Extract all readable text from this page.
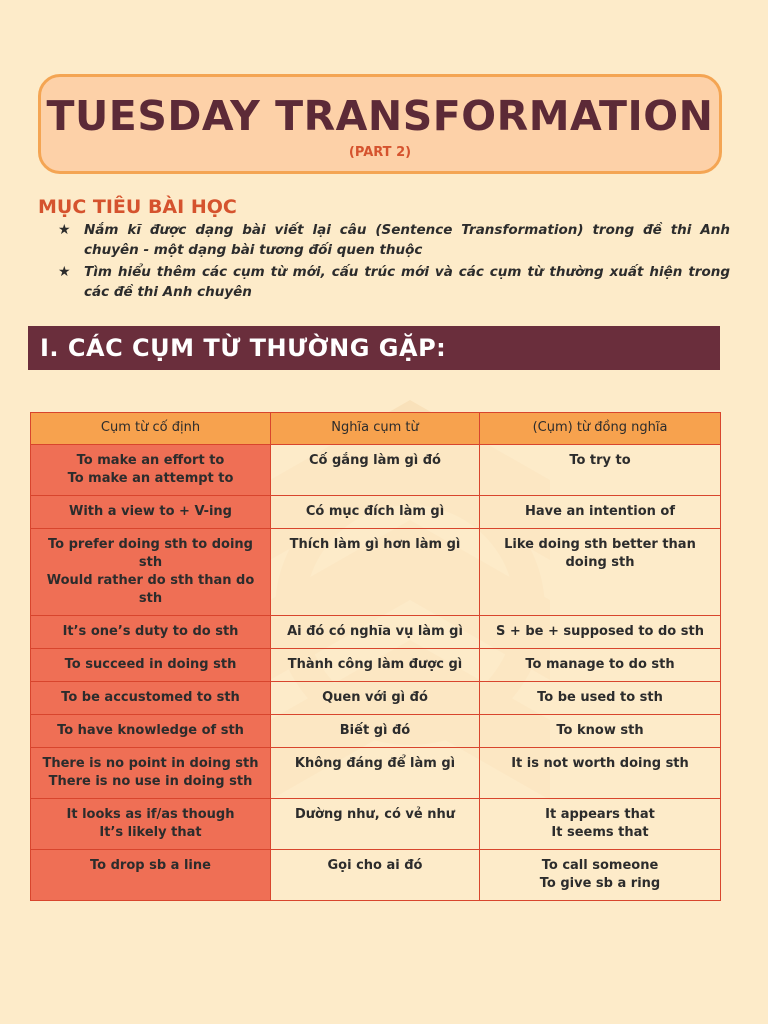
TUESDAY TRANSFORMATION
(PART 2)
MỤC TIÊU BÀI HỌC
★ Nắm kĩ được dạng bài viết lại câu (Sentence Transformation) trong đề thi Anh chuyên - một dạng bài tương đối quen thuộc
★ Tìm hiểu thêm các cụm từ mới, cấu trúc mới và các cụm từ thường xuất hiện trong các đề thi Anh chuyên
I. CÁC CỤM TỪ THƯỜNG GẶP:
Cụm từ cố định	Nghĩa cụm từ	(Cụm) từ đồng nghĩa

To make an effort to
To make an attempt to	Cố gắng làm gì đó	To try to

With a view to + V-ing	Có mục đích làm gì	Have an intention of

To prefer doing sth to doing sth
Would rather do sth than do sth	Thích làm gì hơn làm gì	Like doing sth better than doing sth

It’s one’s duty to do sth	Ai đó có nghĩa vụ làm gì	S + be + supposed to do sth

To succeed in doing sth	Thành công làm được gì	To manage to do sth

To be accustomed to sth	Quen với gì đó	To be used to sth

To have knowledge of sth	Biết gì đó	To know sth

There is no point in doing sth
There is no use in doing sth	Không đáng để làm gì	It is not worth doing sth

It looks as if/as though
It’s likely that	Dường như, có vẻ như	It appears that
It seems that

To drop sb a line	Gọi cho ai đó	To call someone
To give sb a ring
